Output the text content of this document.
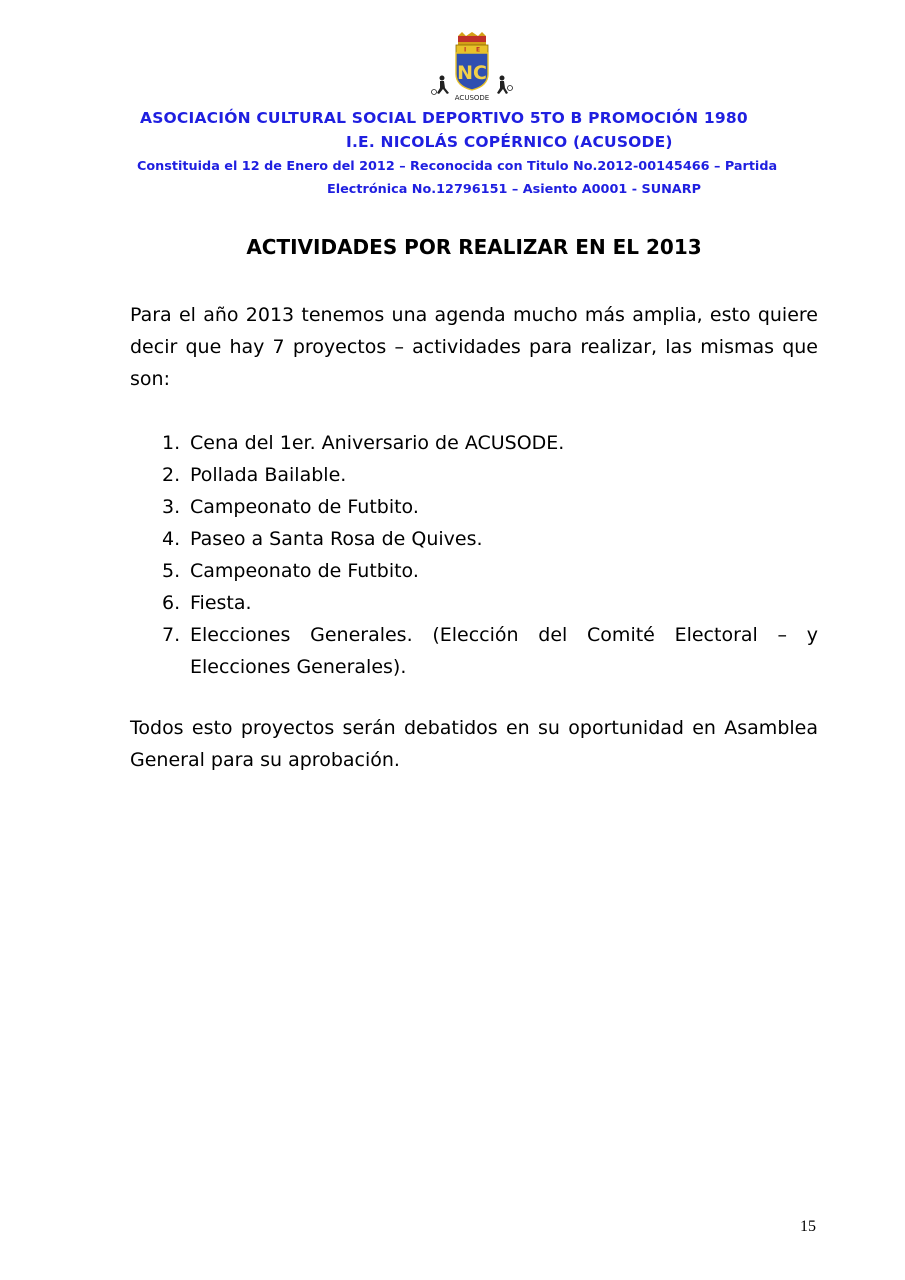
I E
NC
ACUSODE

ASOCIACIÓN CULTURAL SOCIAL DEPORTIVO 5TO B PROMOCIÓN 1980

I.E. NICOLÁS COPÉRNICO (ACUSODE)

Constituida el 12 de Enero del 2012 – Reconocida con Titulo No.2012-00145466 – Partida

Electrónica No.12796151 – Asiento A0001 - SUNARP

ACTIVIDADES POR REALIZAR EN EL 2013

Para el año 2013 tenemos una agenda mucho más amplia, esto quiere decir que hay 7 proyectos – actividades para realizar, las mismas que son:

1. Cena del 1er. Aniversario de ACUSODE.
2. Pollada Bailable.
3. Campeonato de Futbito.
4. Paseo a Santa Rosa de Quives.
5. Campeonato de Futbito.
6. Fiesta.
7. Elecciones Generales. (Elección del Comité Electoral – y Elecciones Generales).

Todos esto proyectos serán debatidos en su oportunidad en Asamblea General para su aprobación.

15
